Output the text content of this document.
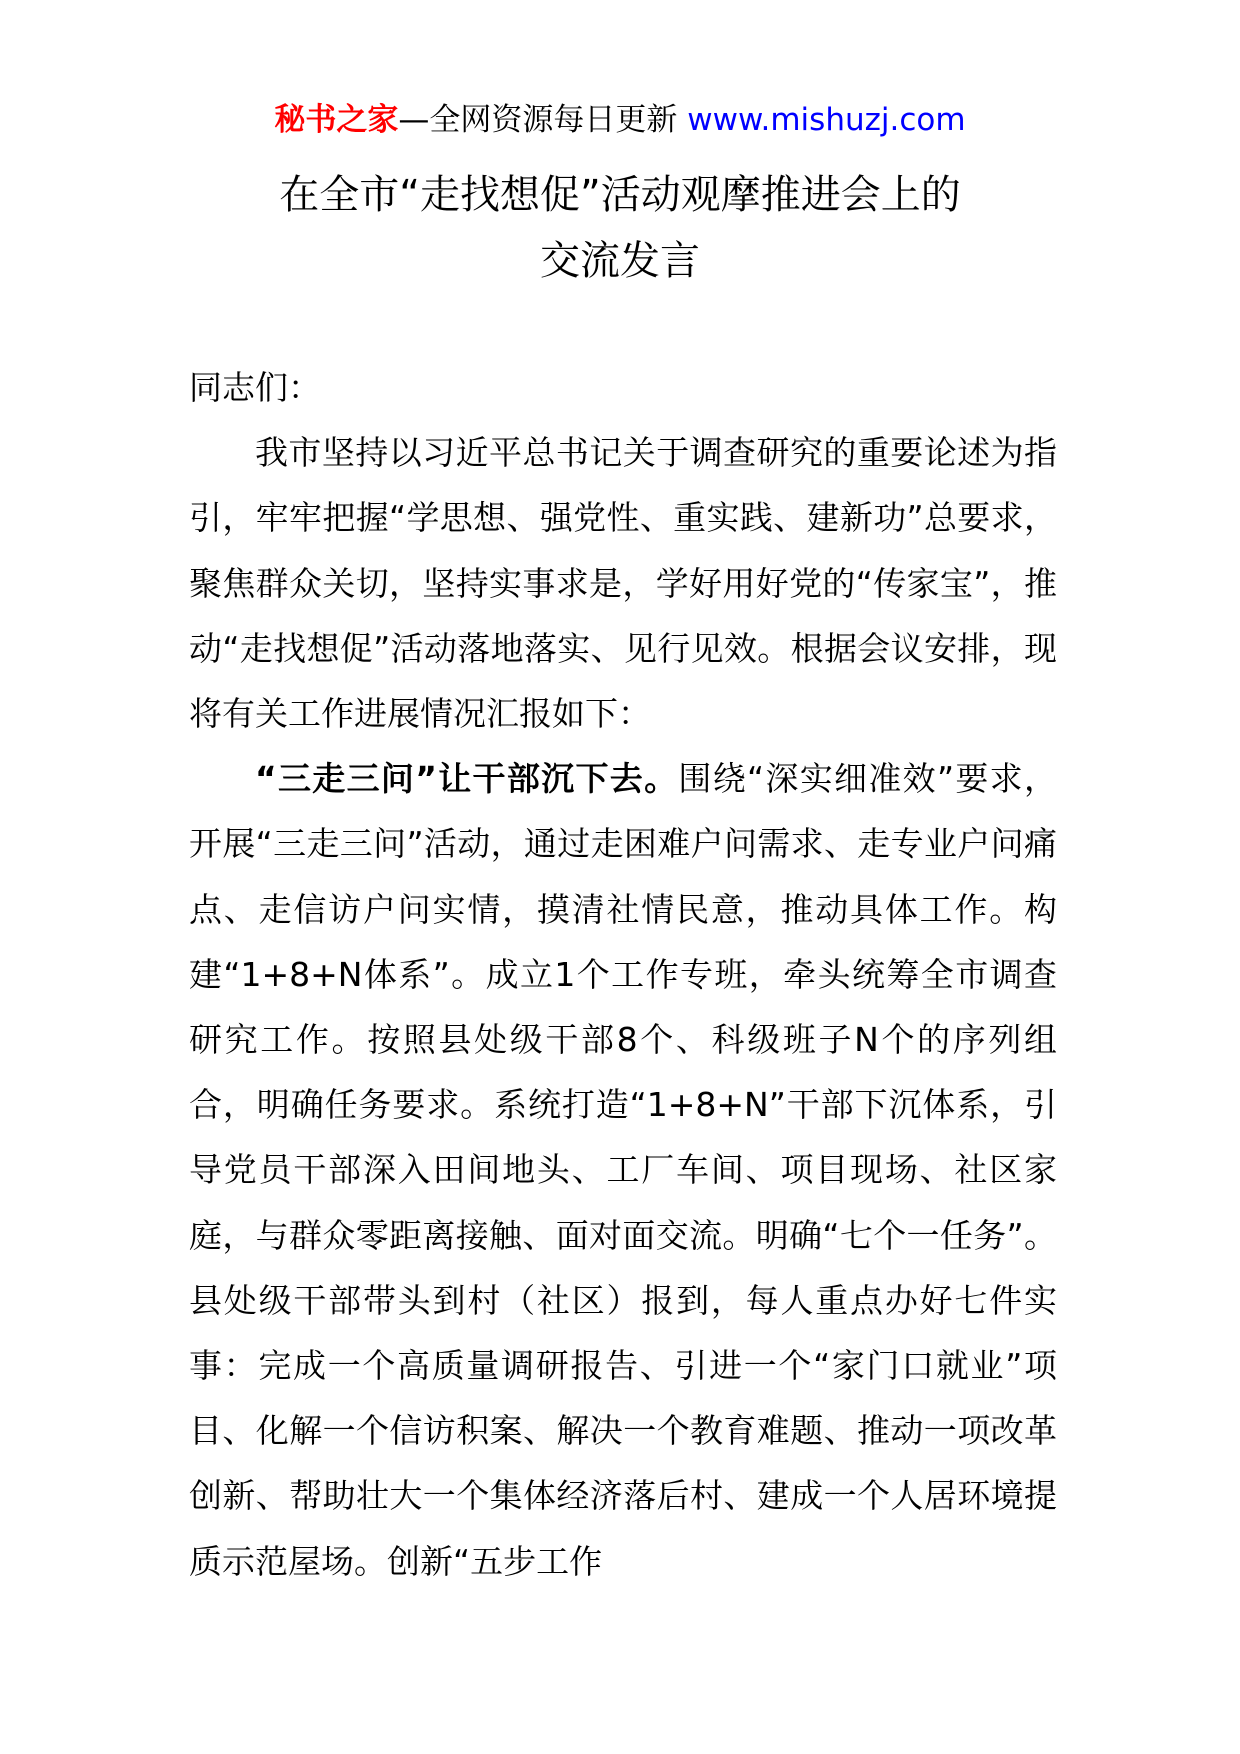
秘书之家—全网资源每日更新 www.mishuzj.com
在全市“走找想促”活动观摩推进会上的
交流发言

同志们：

我市坚持以习近平总书记关于调查研究的重要论述为指引，牢牢把握“学思想、强党性、重实践、建新功”总要求，聚焦群众关切，坚持实事求是，学好用好党的“传家宝”，推动“走找想促”活动落地落实、见行见效。根据会议安排，现将有关工作进展情况汇报如下：

“三走三问”让干部沉下去。围绕“深实细准效”要求，开展“三走三问”活动，通过走困难户问需求、走专业户问痛点、走信访户问实情，摸清社情民意，推动具体工作。构建“1+8+N体系”。成立1个工作专班，牵头统筹全市调查研究工作。按照县处级干部8个、科级班子N个的序列组合，明确任务要求。系统打造“1+8+N”干部下沉体系，引导党员干部深入田间地头、工厂车间、项目现场、社区家庭，与群众零距离接触、面对面交流。明确“七个一任务”。县处级干部带头到村（社区）报到，每人重点办好七件实事：完成一个高质量调研报告、引进一个“家门口就业”项目、化解一个信访积案、解决一个教育难题、推动一项改革创新、帮助壮大一个集体经济落后村、建成一个人居环境提质示范屋场。创新“五步工作
